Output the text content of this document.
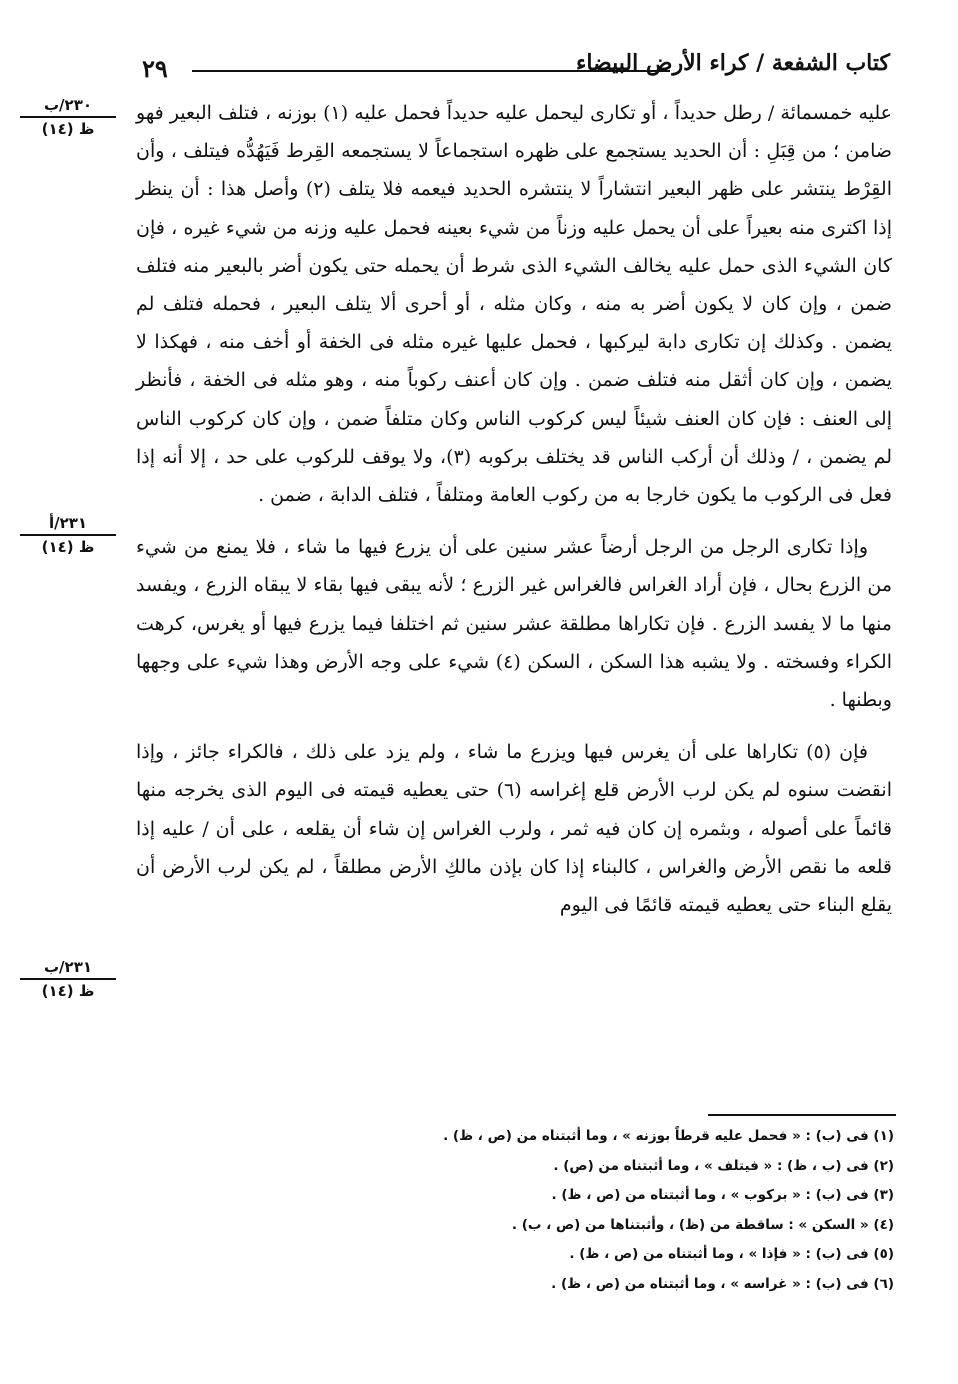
٢٩	كتاب الشفعة / كراء الأرض البيضاء
٢٣٠/ب
ظ (١٤)
٢٣١/أ
ظ (١٤)
٢٣١/ب
ظ (١٤)

عليه خمسمائة / رطل حديداً ، أو تكارى ليحمل عليه حديداً فحمل عليه (١) بوزنه ، فتلف البعير فهو ضامن ؛ من قِبَلِ : أن الحديد يستجمع على ظهره استجماعاً لا يستجمعه القِرط فَيَهُدُّه فيتلف ، وأن القِرْط ينتشر على ظهر البعير انتشاراً لا ينتشره الحديد فيعمه فلا يتلف (٢) وأصل هذا : أن ينظر إذا اكترى منه بعيراً على أن يحمل عليه وزناً من شيء بعينه فحمل عليه وزنه من شيء غيره ، فإن كان الشيء الذى حمل عليه يخالف الشيء الذى شرط أن يحمله حتى يكون أضر بالبعير منه فتلف ضمن ، وإن كان لا يكون أضر به منه ، وكان مثله ، أو أحرى ألا يتلف البعير ، فحمله فتلف لم يضمن . وكذلك إن تكارى دابة ليركبها ، فحمل عليها غيره مثله فى الخفة أو أخف منه ، فهكذا لا يضمن ، وإن كان أثقل منه فتلف ضمن . وإن كان أعنف ركوباً منه ، وهو مثله فى الخفة ، فأنظر إلى العنف : فإن كان العنف شيئاً ليس كركوب الناس وكان متلفاً ضمن ، وإن كان كركوب الناس لم يضمن ، / وذلك أن أركب الناس قد يختلف بركوبه (٣)، ولا يوقف للركوب على حد ، إلا أنه إذا فعل فى الركوب ما يكون خارجا به من ركوب العامة ومتلفاً ، فتلف الدابة ، ضمن .

وإذا تكارى الرجل من الرجل أرضاً عشر سنين على أن يزرع فيها ما شاء ، فلا يمنع من شيء من الزرع بحال ، فإن أراد الغراس فالغراس غير الزرع ؛ لأنه يبقى فيها بقاء لا يبقاه الزرع ، ويفسد منها ما لا يفسد الزرع . فإن تكاراها مطلقة عشر سنين ثم اختلفا فيما يزرع فيها أو يغرس، كرهت الكراء وفسخته . ولا يشبه هذا السكن ، السكن (٤) شيء على وجه الأرض وهذا شيء على وجهها وبطنها .

فإن (٥) تكاراها على أن يغرس فيها ويزرع ما شاء ، ولم يزد على ذلك ، فالكراء جائز ، وإذا انقضت سنوه لم يكن لرب الأرض قلع إغراسه (٦) حتى يعطيه قيمته فى اليوم الذى يخرجه منها قائماً على أصوله ، وبثمره إن كان فيه ثمر ، ولرب الغراس إن شاء أن يقلعه ، على أن / عليه إذا قلعه ما نقص الأرض والغراس ، كالبناء إذا كان بإذن مالكِ الأرض مطلقاً ، لم يكن لرب الأرض أن يقلع البناء حتى يعطيه قيمته قائمًا فى اليوم

(١) فى (ب) : « فحمل عليه قرطاً بوزنه » ، وما أثبتناه من (ص ، ظ) .
(٢) فى (ب ، ظ) : « فيتلف » ، وما أثبتناه من (ص) .
(٣) فى (ب) : « بركوب » ، وما أثبتناه من (ص ، ظ) .
(٤) « السكن » : ساقطة من (ظ) ، وأثبتناها من (ص ، ب) .
(٥) فى (ب) : « فإذا » ، وما أثبتناه من (ص ، ظ) .
(٦) فى (ب) : « غراسه » ، وما أثبتناه من (ص ، ظ) .
